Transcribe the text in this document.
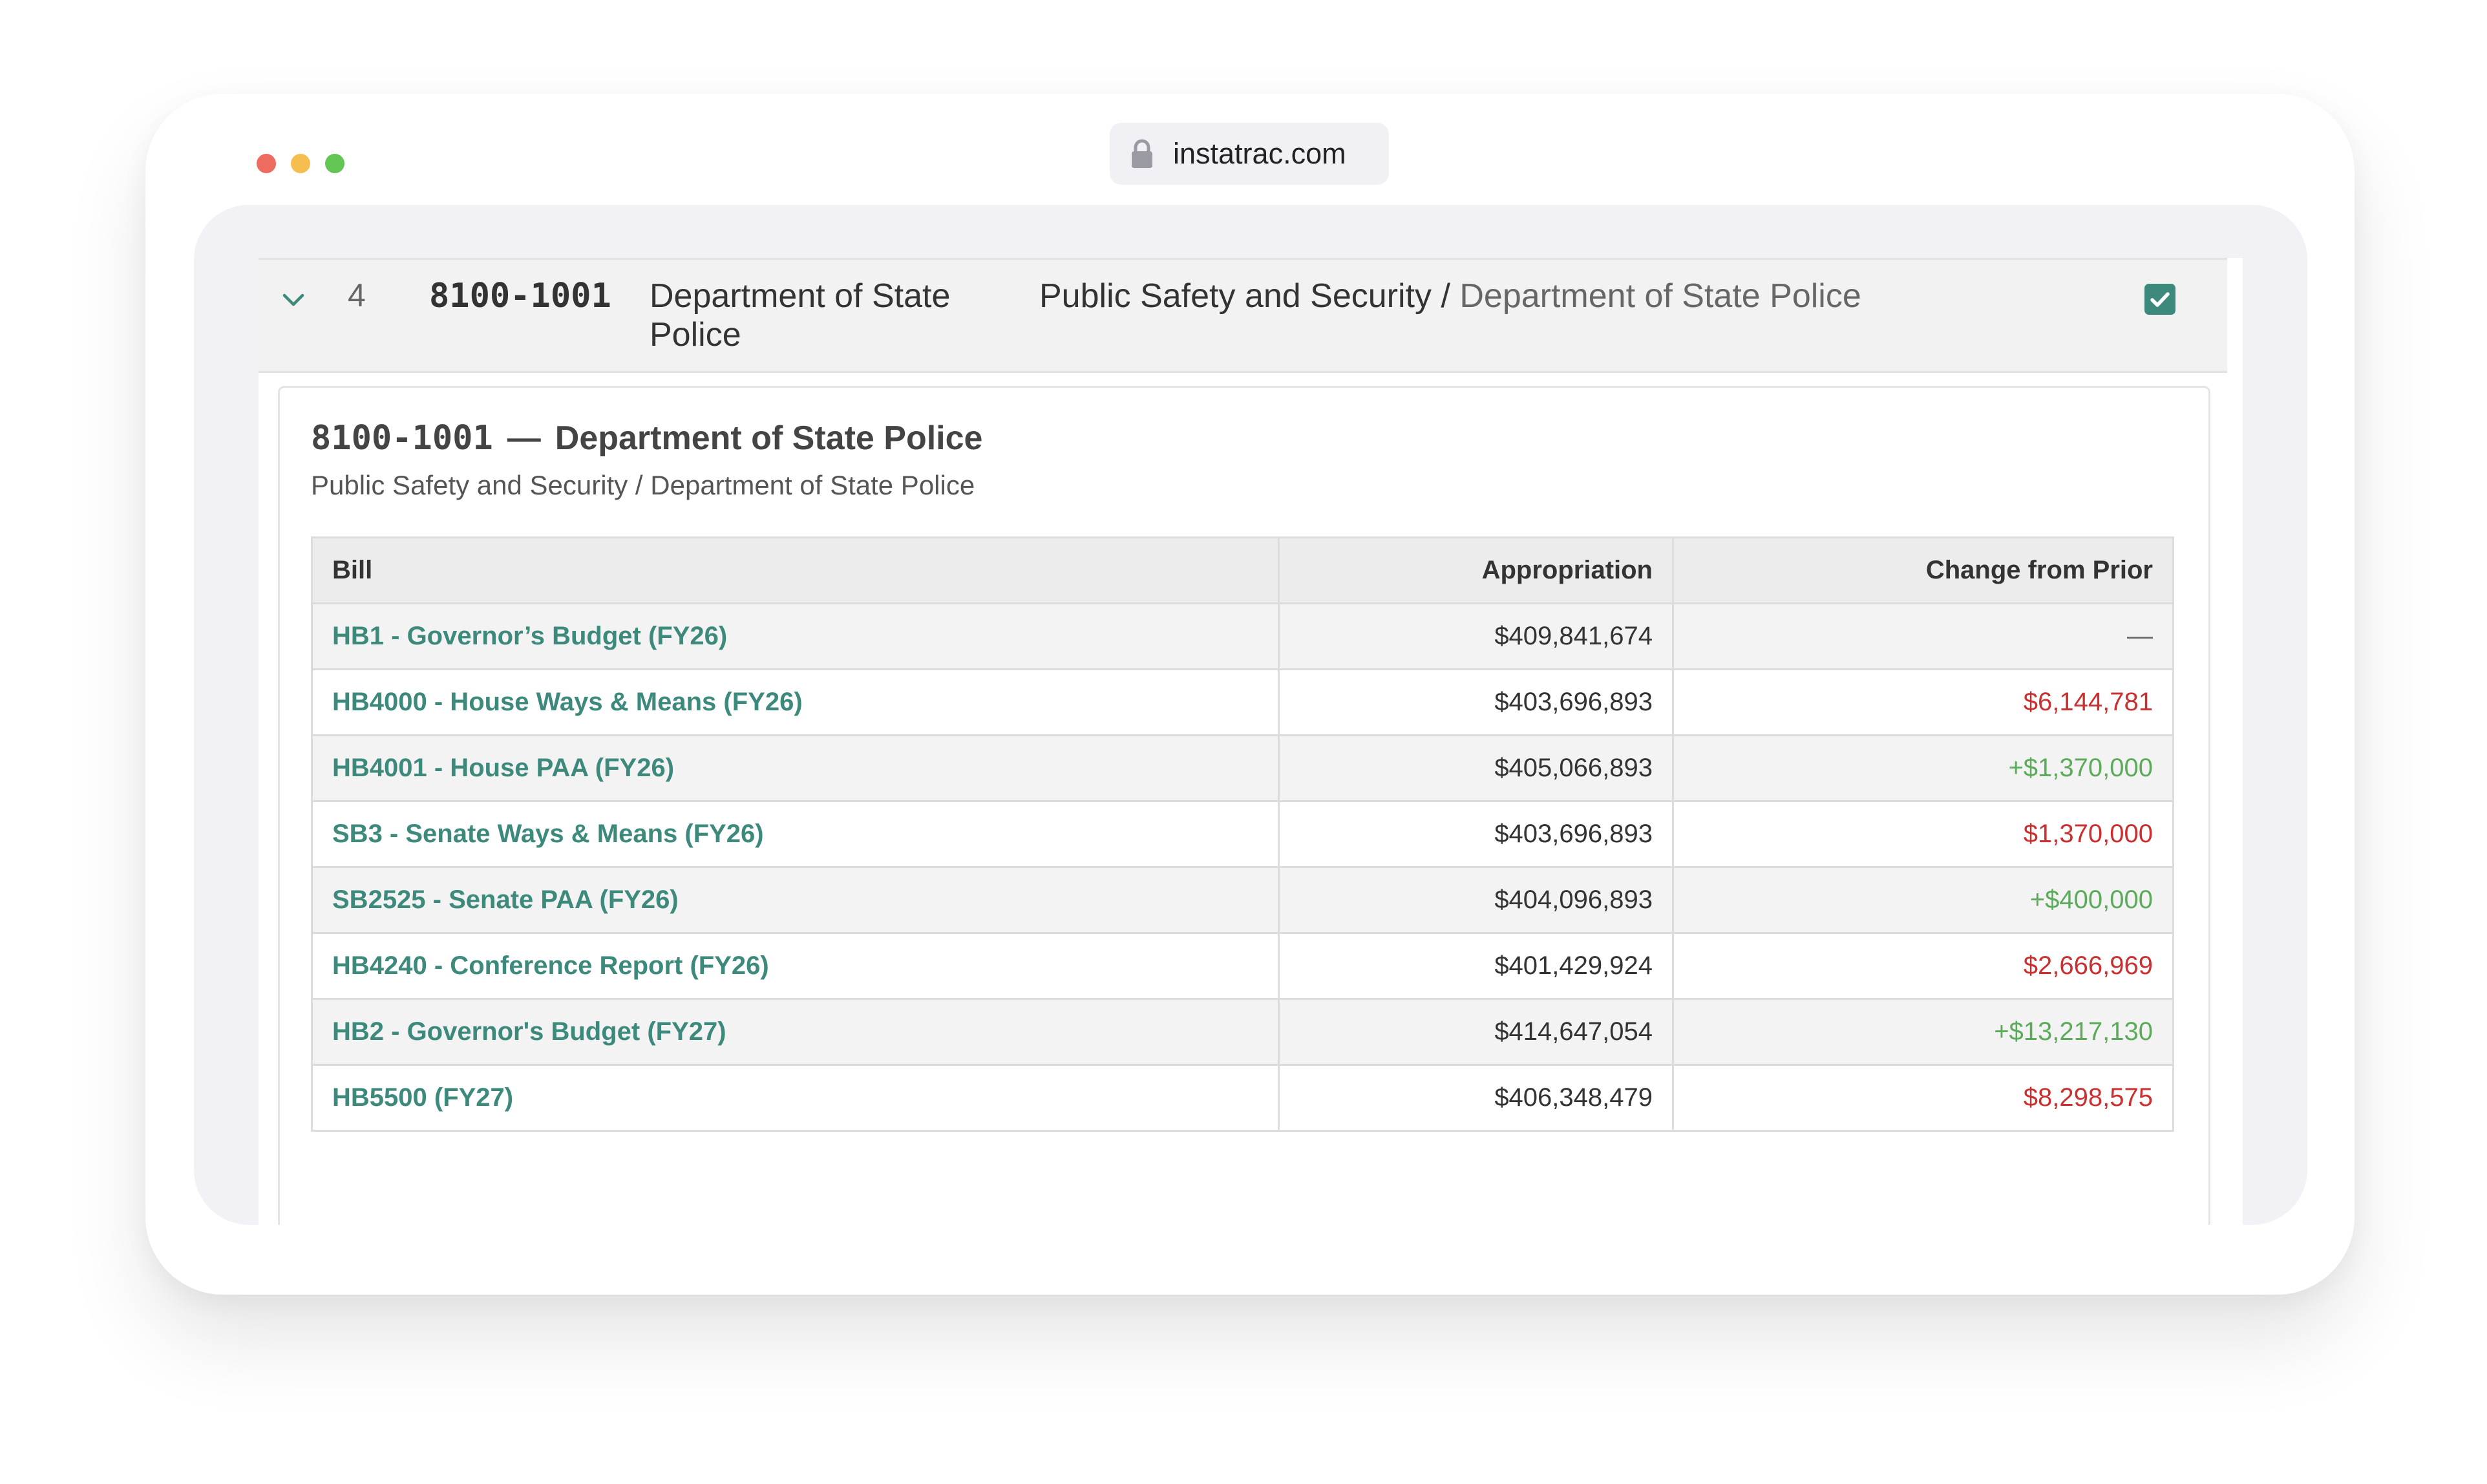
instatrac.com
4 8100-1001 Department of State Police
Public Safety and Security / Department of State Police
8100-1001 — Department of State Police
Public Safety and Security / Department of State Police
Bill	Appropriation	Change from Prior
HB1 - Governor’s Budget (FY26)	$409,841,674	—
HB4000 - House Ways & Means (FY26)	$403,696,893	$6,144,781
HB4001 - House PAA (FY26)	$405,066,893	+$1,370,000
SB3 - Senate Ways & Means (FY26)	$403,696,893	$1,370,000
SB2525 - Senate PAA (FY26)	$404,096,893	+$400,000
HB4240 - Conference Report (FY26)	$401,429,924	$2,666,969
HB2 - Governor's Budget (FY27)	$414,647,054	+$13,217,130
HB5500 (FY27)	$406,348,479	$8,298,575
